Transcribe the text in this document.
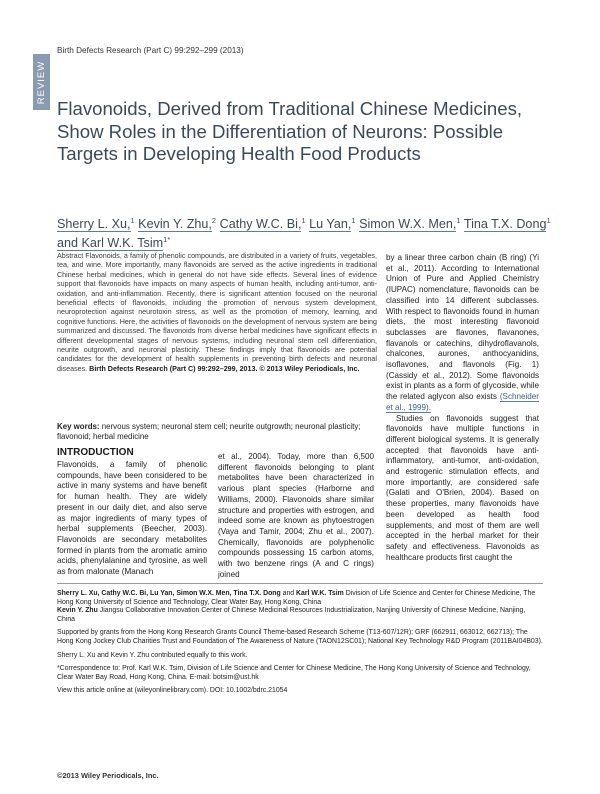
REVIEW
Birth Defects Research (Part C) 99:292–299 (2013)
Flavonoids, Derived from Traditional Chinese Medicines, Show Roles in the Differentiation of Neurons: Possible Targets in Developing Health Food Products
Sherry L. Xu,$^1$ Kevin Y. Zhu,$^2$ Cathy W.C. Bi,$^1$ Lu Yan,$^1$ Simon W.X. Men,$^1$ Tina T.X. Dong$^1$ and Karl W.K. Tsim$^{1*}$
Abstract Flavonoids, a family of phenolic compounds, are distributed in a variety of fruits, vegetables, tea, and wine. More importantly, many flavonoids are served as the active ingredients in traditional Chinese herbal medicines, which in general do not have side effects. Several lines of evidence support that flavonoids have impacts on many aspects of human health, including anti-tumor, anti-oxidation, and anti-inflammation. Recently, there is significant attention focused on the neuronal beneficial effects of flavonoids, including the promotion of nervous system development, neuroprotection against neurotoxin stress, as well as the promotion of memory, learning, and cognitive functions. Here, the activities of flavonoids on the development of nervous system are being summarized and discussed. The flavonoids from diverse herbal medicines have significant effects in different developmental stages of nervous systems, including neuronal stem cell differentiation, neurite outgrowth, and neuronal plasticity. These findings imply that flavonoids are potential candidates for the development of health supplements in preventing birth defects and neuronal diseases. Birth Defects Research (Part C) 99:292–299, 2013. © 2013 Wiley Periodicals, Inc.
Key words: nervous system; neuronal stem cell; neurite outgrowth; neuronal plasticity; flavonoid; herbal medicine
INTRODUCTION
Flavonoids, a family of phenolic compounds, have been considered to be active in many systems and have benefit for human health. They are widely present in our daily diet, and also serve as major ingredients of many types of herbal supplements (Beecher, 2003). Flavonoids are secondary metabolites formed in plants from the aromatic amino acids, phenylalanine and tyrosine, as well as from malonate (Manach
et al., 2004). Today, more than 6,500 different flavonoids belonging to plant metabolites have been characterized in various plant species (Harborne and Williams, 2000). Flavonoids share similar structure and properties with estrogen, and indeed some are known as phytoestrogen (Vaya and Tamir, 2004; Zhu et al., 2007). Chemically, flavonoids are polyphenolic compounds possessing 15 carbon atoms, with two benzene rings (A and C rings) joined

by a linear three carbon chain (B ring) (Yi et al., 2011). According to International Union of Pure and Applied Chemistry (IUPAC) nomenclature, flavonoids can be classified into 14 different subclasses. With respect to flavonoids found in human diets, the most interesting flavonoid subclasses are flavones, flavanones, flavanols or catechins, dihydroflavanols, chalcones, aurones, anthocyanidins, isoflavones, and flavonols (Fig. 1) (Cassidy et al., 2012). Some flavonoids exist in plants as a form of glycoside, while the related aglycon also exists (Schneider et al., 1999).

Studies on flavonoids suggest that flavonoids have multiple functions in different biological systems. It is generally accepted that flavonoids have anti-inflammatory, anti-tumor, anti-oxidation, and estrogenic stimulation effects, and more importantly, are considered safe (Galati and O'Brien, 2004). Based on these properties, many flavonoids have been developed as health food supplements, and most of them are well accepted in the herbal market for their safety and effectiveness. Flavonoids as healthcare products first caught the

Sherry L. Xu, Cathy W.C. Bi, Lu Yan, Simon W.X. Men, Tina T.X. Dong and Karl W.K. Tsim Division of Life Science and Center for Chinese Medicine, The Hong Kong University of Science and Technology, Clear Water Bay, Hong Kong, China
Kevin Y. Zhu Jiangsu Collaborative Innovation Center of Chinese Medicinal Resources Industrialization, Nanjing University of Chinese Medicine, Nanjing, China

Supported by grants from the Hong Kong Research Grants Council Theme-based Research Scheme (T13-607/12R); GRF (662911, 663012, 662713); The Hong Kong Jockey Club Charities Trust and Foundation of The Awareness of Nature (TAON12SC01); National Key Technology R&D Program (2011BAI04B03).

Sherry L. Xu and Kevin Y. Zhu contributed equally to this work.

*Correspondence to: Prof. Karl W.K. Tsim, Division of Life Science and Center for Chinese Medicine, The Hong Kong University of Science and Technology, Clear Water Bay Road, Hong Kong, China. E-mail: botsim@ust.hk

View this article online at (wileyonlinelibrary.com). DOI: 10.1002/bdrc.21054

©2013 Wiley Periodicals, Inc.
